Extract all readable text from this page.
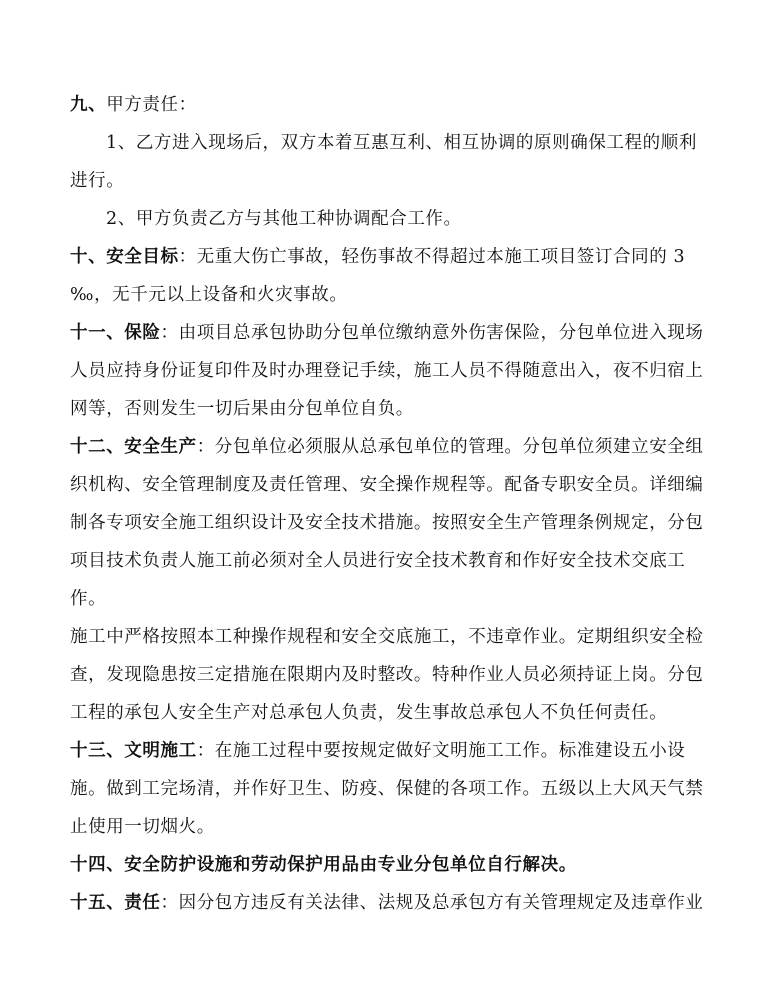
九、甲方责任：
1、乙方进入现场后，双方本着互惠互利、相互协调的原则确保工程的顺利
进行。
2、甲方负责乙方与其他工种协调配合工作。
十、安全目标：无重大伤亡事故，轻伤事故不得超过本施工项目签订合同的 3
‰，无千元以上设备和火灾事故。
十一、保险：由项目总承包协助分包单位缴纳意外伤害保险，分包单位进入现场
人员应持身份证复印件及时办理登记手续，施工人员不得随意出入，夜不归宿上
网等，否则发生一切后果由分包单位自负。
十二、安全生产：分包单位必须服从总承包单位的管理。分包单位须建立安全组
织机构、安全管理制度及责任管理、安全操作规程等。配备专职安全员。详细编
制各专项安全施工组织设计及安全技术措施。按照安全生产管理条例规定，分包
项目技术负责人施工前必须对全人员进行安全技术教育和作好安全技术交底工
作。
施工中严格按照本工种操作规程和安全交底施工，不违章作业。定期组织安全检
查，发现隐患按三定措施在限期内及时整改。特种作业人员必须持证上岗。分包
工程的承包人安全生产对总承包人负责，发生事故总承包人不负任何责任。
十三、文明施工：在施工过程中要按规定做好文明施工工作。标准建设五小设
施。做到工完场清，并作好卫生、防疫、保健的各项工作。五级以上大风天气禁
止使用一切烟火。
十四、安全防护设施和劳动保护用品由专业分包单位自行解决。
十五、责任：因分包方违反有关法律、法规及总承包方有关管理规定及违章作业
